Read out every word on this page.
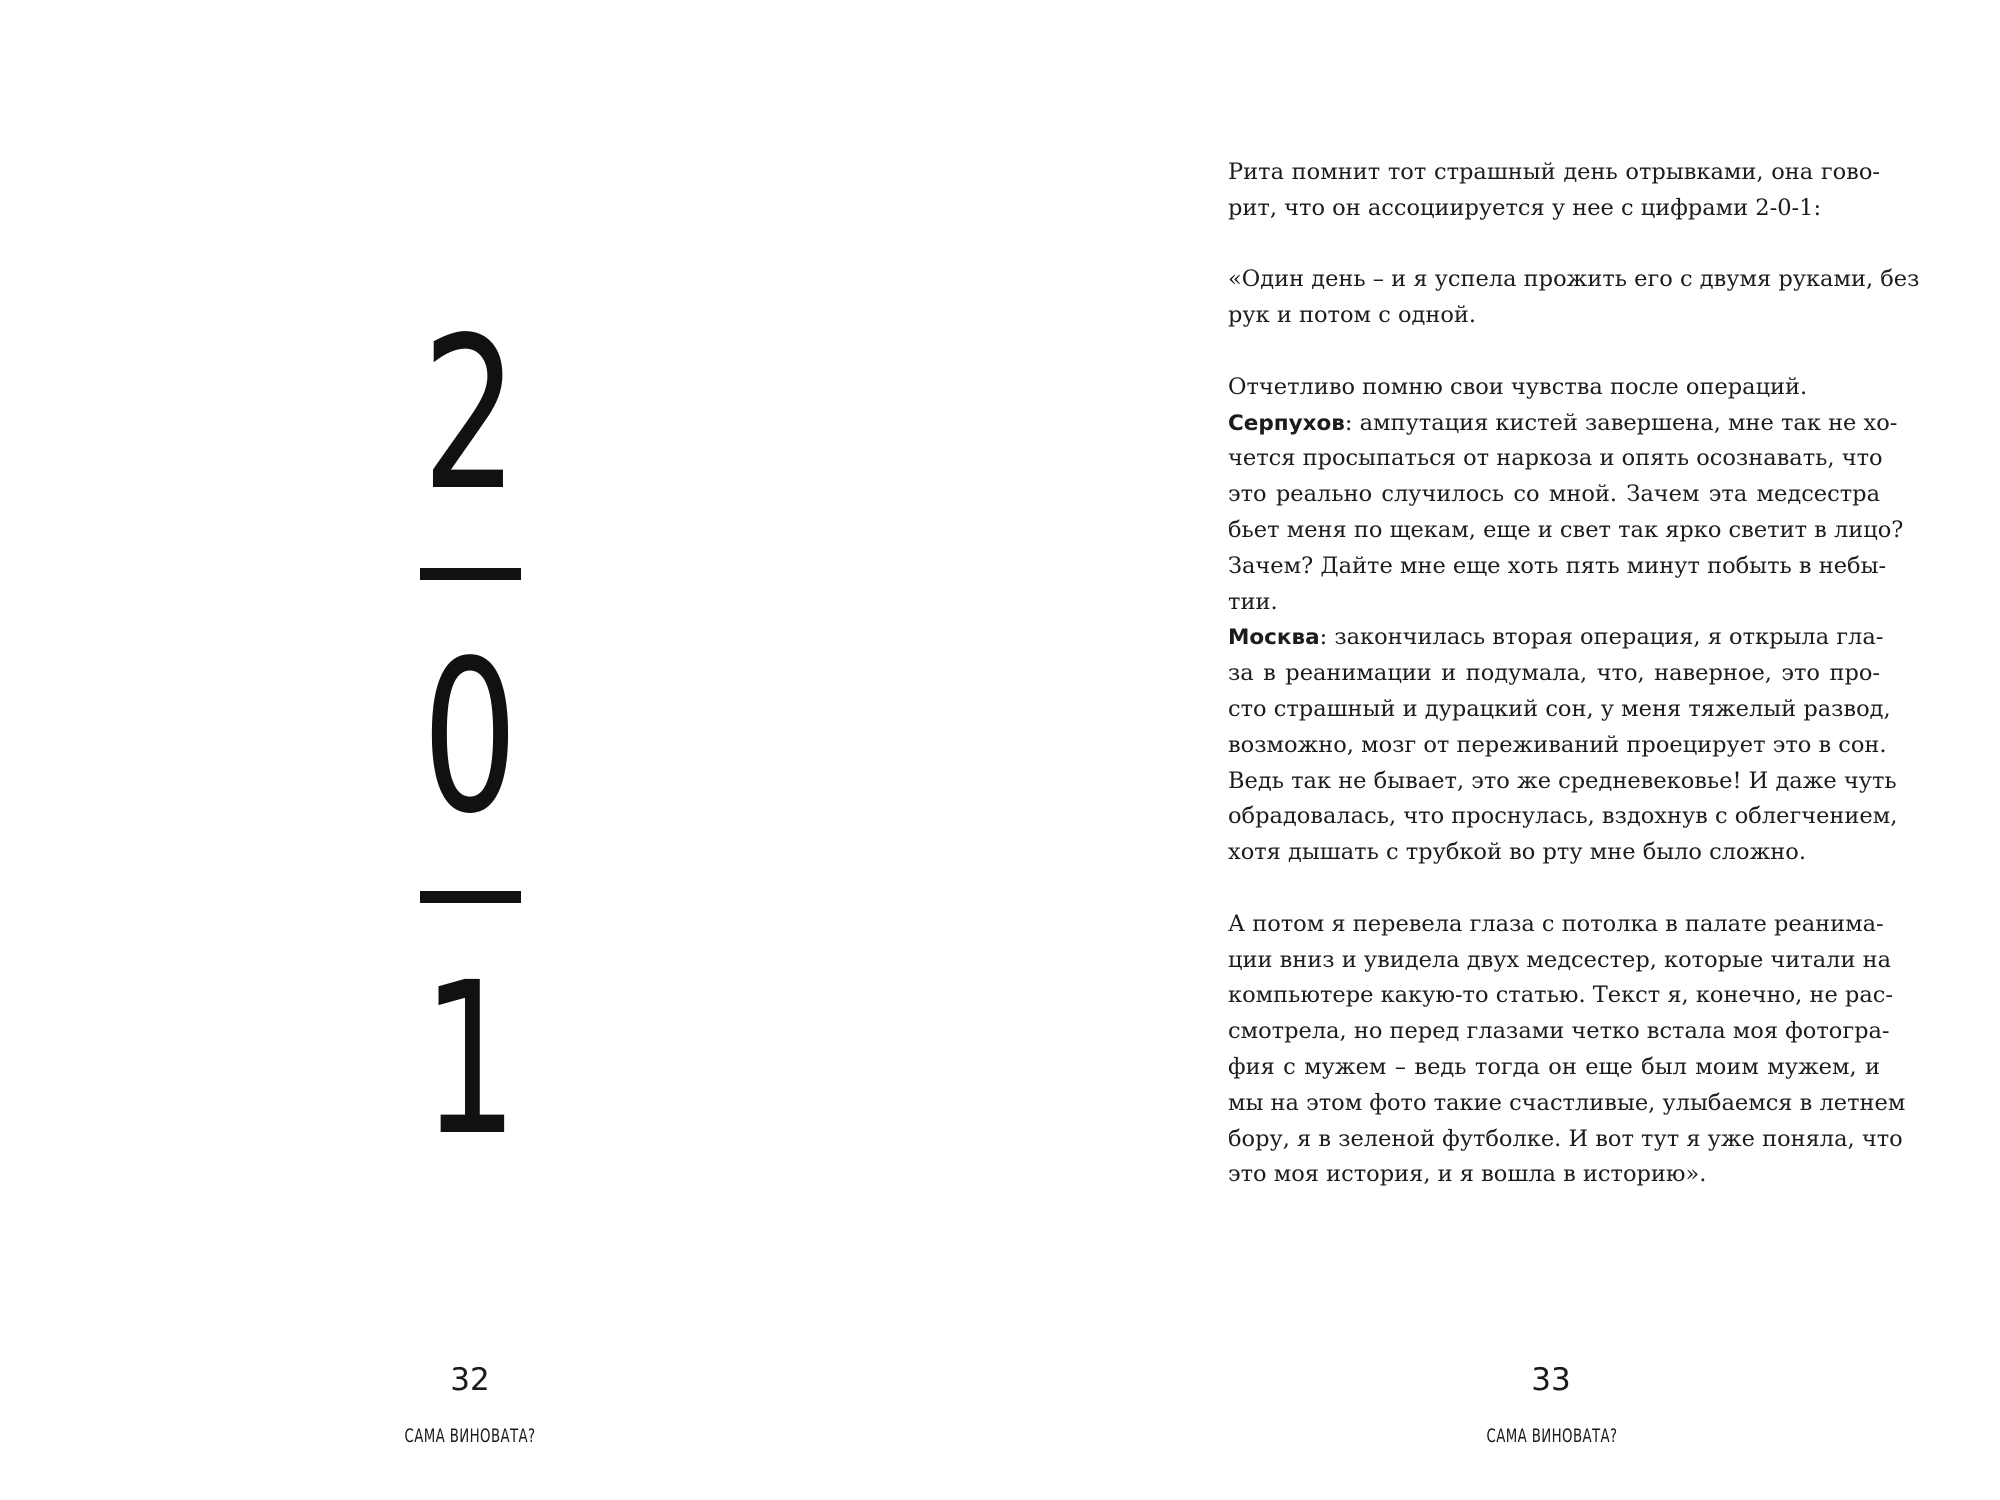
2
0
1
32
САМА ВИНОВАТА?
Рита помнит тот страшный день отрывками, она гово-
рит, что он ассоциируется у нее с цифрами 2-0-1:
«Один день – и я успела прожить его с двумя руками, без
рук и потом с одной.
Отчетливо помню свои чувства после операций.
Серпухов: ампутация кистей завершена, мне так не хо-
чется просыпаться от наркоза и опять осознавать, что
это реально случилось со мной. Зачем эта медсестра
бьет меня по щекам, еще и свет так ярко светит в лицо?
Зачем? Дайте мне еще хоть пять минут побыть в небы-
тии.
Москва: закончилась вторая операция, я открыла гла-
за в реанимации и подумала, что, наверное, это про-
сто страшный и дурацкий сон, у меня тяжелый развод,
возможно, мозг от переживаний проецирует это в сон.
Ведь так не бывает, это же средневековье! И даже чуть
обрадовалась, что проснулась, вздохнув с облегчением,
хотя дышать с трубкой во рту мне было сложно.
А потом я перевела глаза с потолка в палате реанима-
ции вниз и увидела двух медсестер, которые читали на
компьютере какую-то статью. Текст я, конечно, не рас-
смотрела, но перед глазами четко встала моя фотогра-
фия с мужем – ведь тогда он еще был моим мужем, и
мы на этом фото такие счастливые, улыбаемся в летнем
бору, я в зеленой футболке. И вот тут я уже поняла, что
это моя история, и я вошла в историю».
33
САМА ВИНОВАТА?
